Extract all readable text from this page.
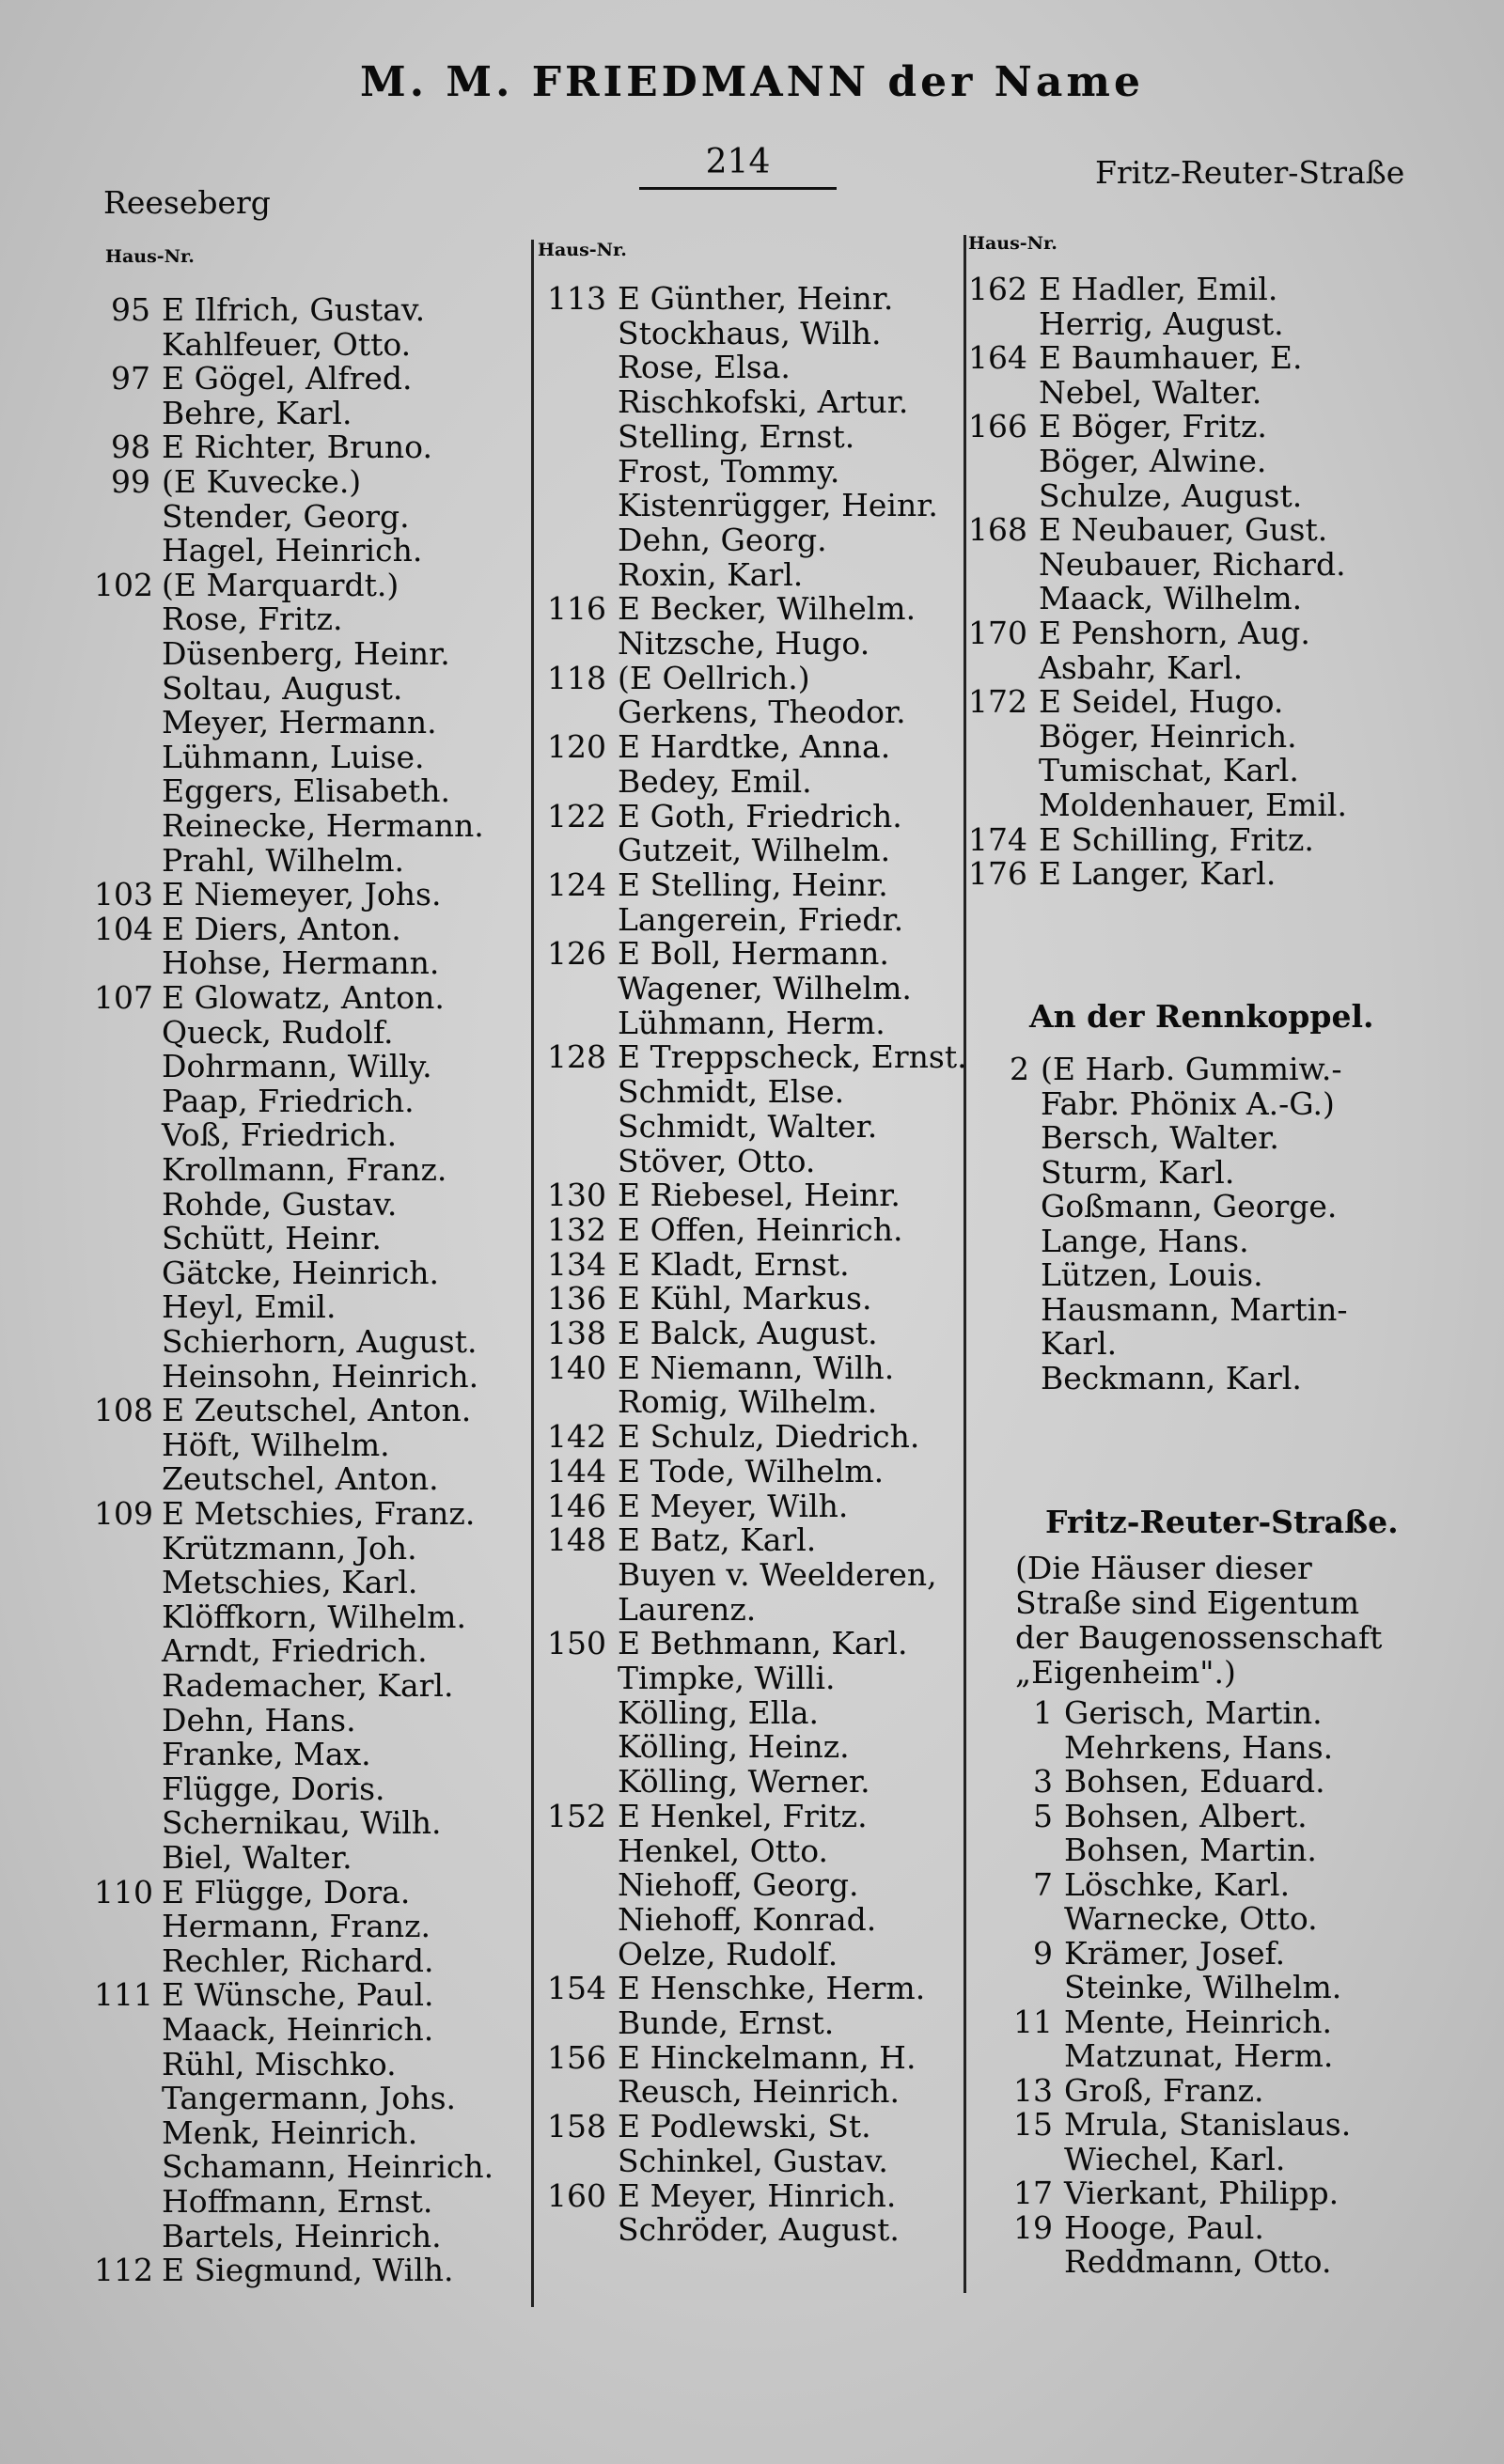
M. M. FRIEDMANN der Name
Reeseberg
214	Fritz-Reuter-Straße
Haus-Nr.
95 E Ilfrich, Gustav.
Kahlfeuer, Otto.
97 E Gögel, Alfred.
Behre, Karl.
98 E Richter, Bruno.
99 (E Kuvecke.)
Stender, Georg.
Hagel, Heinrich.
102 (E Marquardt.)
Rose, Fritz.
Düsenberg, Heinr.
Soltau, August.
Meyer, Hermann.
Lühmann, Luise.
Eggers, Elisabeth.
Reinecke, Hermann.
Prahl, Wilhelm.
103 E Niemeyer, Johs.
104 E Diers, Anton.
Hohse, Hermann.
107 E Glowatz, Anton.
Queck, Rudolf.
Dohrmann, Willy.
Paap, Friedrich.
Voß, Friedrich.
Krollmann, Franz.
Rohde, Gustav.
Schütt, Heinr.
Gätcke, Heinrich.
Heyl, Emil.
Schierhorn, August.
Heinsohn, Heinrich.
108 E Zeutschel, Anton.
Höft, Wilhelm.
Zeutschel, Anton.
109 E Metschies, Franz.
Krützmann, Joh.
Metschies, Karl.
Klöffkorn, Wilhelm.
Arndt, Friedrich.
Rademacher, Karl.
Dehn, Hans.
Franke, Max.
Flügge, Doris.
Schernikau, Wilh.
Biel, Walter.
110 E Flügge, Dora.
Hermann, Franz.
Rechler, Richard.
111 E Wünsche, Paul.
Maack, Heinrich.
Rühl, Mischko.
Tangermann, Johs.
Menk, Heinrich.
Schamann, Heinrich.
Hoffmann, Ernst.
Bartels, Heinrich.
112 E Siegmund, Wilh.
Haus-Nr.
113 E Günther, Heinr.
Stockhaus, Wilh.
Rose, Elsa.
Rischkofski, Artur.
Stelling, Ernst.
Frost, Tommy.
Kistenrügger, Heinr.
Dehn, Georg.
Roxin, Karl.
116 E Becker, Wilhelm.
Nitzsche, Hugo.
118 (E Oellrich.)
Gerkens, Theodor.
120 E Hardtke, Anna.
Bedey, Emil.
122 E Goth, Friedrich.
Gutzeit, Wilhelm.
124 E Stelling, Heinr.
Langerein, Friedr.
126 E Boll, Hermann.
Wagener, Wilhelm.
Lühmann, Herm.
128 E Treppscheck, Ernst.
Schmidt, Else.
Schmidt, Walter.
Stöver, Otto.
130 E Riebesel, Heinr.
132 E Offen, Heinrich.
134 E Kladt, Ernst.
136 E Kühl, Markus.
138 E Balck, August.
140 E Niemann, Wilh.
Romig, Wilhelm.
142 E Schulz, Diedrich.
144 E Tode, Wilhelm.
146 E Meyer, Wilh.
148 E Batz, Karl.
Buyen v. Weelderen,
Laurenz.
150 E Bethmann, Karl.
Timpke, Willi.
Kölling, Ella.
Kölling, Heinz.
Kölling, Werner.
152 E Henkel, Fritz.
Henkel, Otto.
Niehoff, Georg.
Niehoff, Konrad.
Oelze, Rudolf.
154 E Henschke, Herm.
Bunde, Ernst.
156 E Hinckelmann, H.
Reusch, Heinrich.
158 E Podlewski, St.
Schinkel, Gustav.
160 E Meyer, Hinrich.
Schröder, August.
Haus-Nr.
162 E Hadler, Emil.
Herrig, August.
164 E Baumhauer, E.
Nebel, Walter.
166 E Böger, Fritz.
Böger, Alwine.
Schulze, August.
168 E Neubauer, Gust.
Neubauer, Richard.
Maack, Wilhelm.
170 E Penshorn, Aug.
Asbahr, Karl.
172 E Seidel, Hugo.
Böger, Heinrich.
Tumischat, Karl.
Moldenhauer, Emil.
174 E Schilling, Fritz.
176 E Langer, Karl.
An der Rennkoppel.
2 (E Harb. Gummiw.-
Fabr. Phönix A.-G.)
Bersch, Walter.
Sturm, Karl.
Goßmann, George.
Lange, Hans.
Lützen, Louis.
Hausmann, Martin-
Karl.
Beckmann, Karl.
Fritz-Reuter-Straße.
(Die Häuser dieser
Straße sind Eigentum
der Baugenossenschaft
„Eigenheim".)
1 Gerisch, Martin.
Mehrkens, Hans.
3 Bohsen, Eduard.
5 Bohsen, Albert.
Bohsen, Martin.
7 Löschke, Karl.
Warnecke, Otto.
9 Krämer, Josef.
Steinke, Wilhelm.
11 Mente, Heinrich.
Matzunat, Herm.
13 Groß, Franz.
15 Mrula, Stanislaus.
Wiechel, Karl.
17 Vierkant, Philipp.
19 Hooge, Paul.
Reddmann, Otto.
